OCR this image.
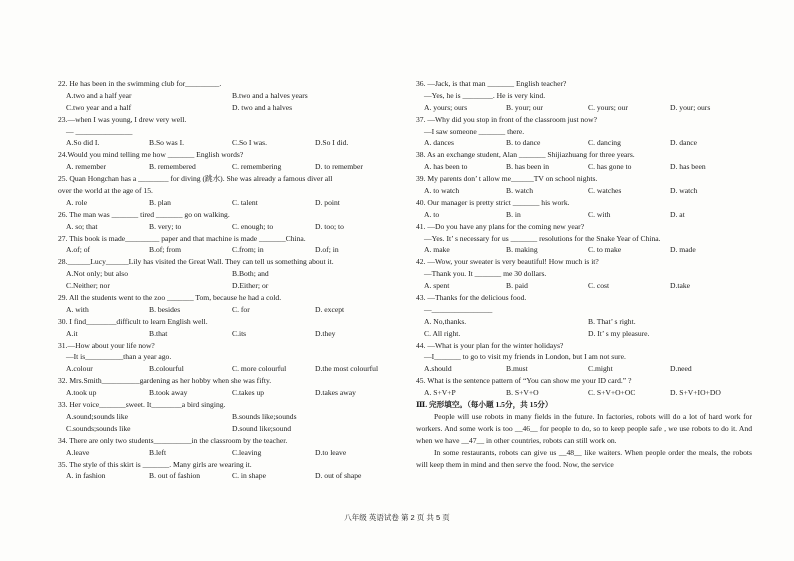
22. He has been in the swimming club for_________.
A.two and a half year	B.two and a halves years
C.two year and a half	D. two and a halves
23.—when I was young, I drew very well.
— _______________
A.So did I.	B.So was I.	C.So I was.	D.So I did.
24.Would you mind telling me how _______ English words?
A. remember	B. remembered	C. remembering	D. to remember
25. Quan Hongchan has a ________ for diving (跳水). She was already a famous diver all
over the world at the age of 15.
A. role	B. plan	C. talent	D. point
26. The man was _______ tired _______ go on walking.
A. so; that	B. very; to	C. enough; to	D. too; to
27. This book is made_________ paper and that machine is made _______China.
A.of; of	B.of; from	C.from; in	D.of; in
28.______Lucy______Lily has visited the Great Wall. They can tell us something about it.
A.Not only; but also	B.Both; and
C.Neither; nor	D.Either; or
29. All the students went to the zoo _______ Tom, because he had a cold.
A. with	B. besides	C. for	D. except
30. I find________difficult to learn English well.
A.it	B.that	C.its	D.they
31.—How about your life now?
—It is__________than a year ago.
A.colour	B.colourful	C. more colourful	D.the most colourful
32. Mrs.Smith__________gardening as her hobby when she was fifty.
A.took up	B.took away	C.takes up	D.takes away
33. Her voice_______sweet. It________a bird singing.
A.sound;sounds like	B.sounds like;sounds
C.sounds;sounds like	D.sound like;sound
34. There are only two students__________in the classroom by the teacher.
A.leave	B.left	C.leaving	D.to leave
35. The style of this skirt is _______. Many girls are wearing it.
A. in fashion	B. out of fashion	C. in shape	D. out of shape
36. —Jack, is that man _______ English teacher?
—Yes, he is ________. He is very kind.
A. yours; ours	B. your; our	C. yours; our	D. your; ours
37. —Why did you stop in front of the classroom just now?
—I saw someone _______ there.
A. dances	B. to dance	C. dancing	D. dance
38. As an exchange student, Alan _______ Shijiazhuang for three years.
A. has been to	B. has been in	C. has gone to	D. has been
39. My parents don’ t allow me______TV on school nights.
A. to watch	B. watch	C. watches	D. watch
40. Our manager is pretty strict _______ his work.
A. to	B. in	C. with	D. at
41. —Do you have any plans for the coming new year?
—Yes. It’ s necessary for us _______ resolutions for the Snake Year of China.
A. make	B. making	C. to make	D. made
42. —Wow, your sweater is very beautiful! How much is it?
—Thank you. It _______ me 30 dollars.
A. spent	B. paid	C. cost	D.take
43. —Thanks for the delicious food.
—________________
A. No,thanks.	B. That’ s right.
C. All right.	D. It’ s my pleasure.
44. —What is your plan for the winter holidays?
—I_______ to go to visit my friends in London, but I am not sure.
A.should	B.must	C.might	D.need
45. What is the sentence pattern of “You can show me your ID card.” ?
A. S+V+P	B. S+V+O	C. S+V+O+OC	D. S+V+IO+DO
Ⅲ. 完形填空。（每小题 1.5分，共 15分）
People will use robots in many fields in the future. In factories, robots will do a lot of hard work for workers. And some work is too __46__ for people to do, so to keep people safe , we use robots to do it. And when we have __47__ in other countries, robots can still work on.
In some restaurants, robots can give us __48__ like waiters. When people order the meals, the robots will keep them in mind and then serve the food. Now, the service
八年级 英语试卷 第 2 页 共 5 页
